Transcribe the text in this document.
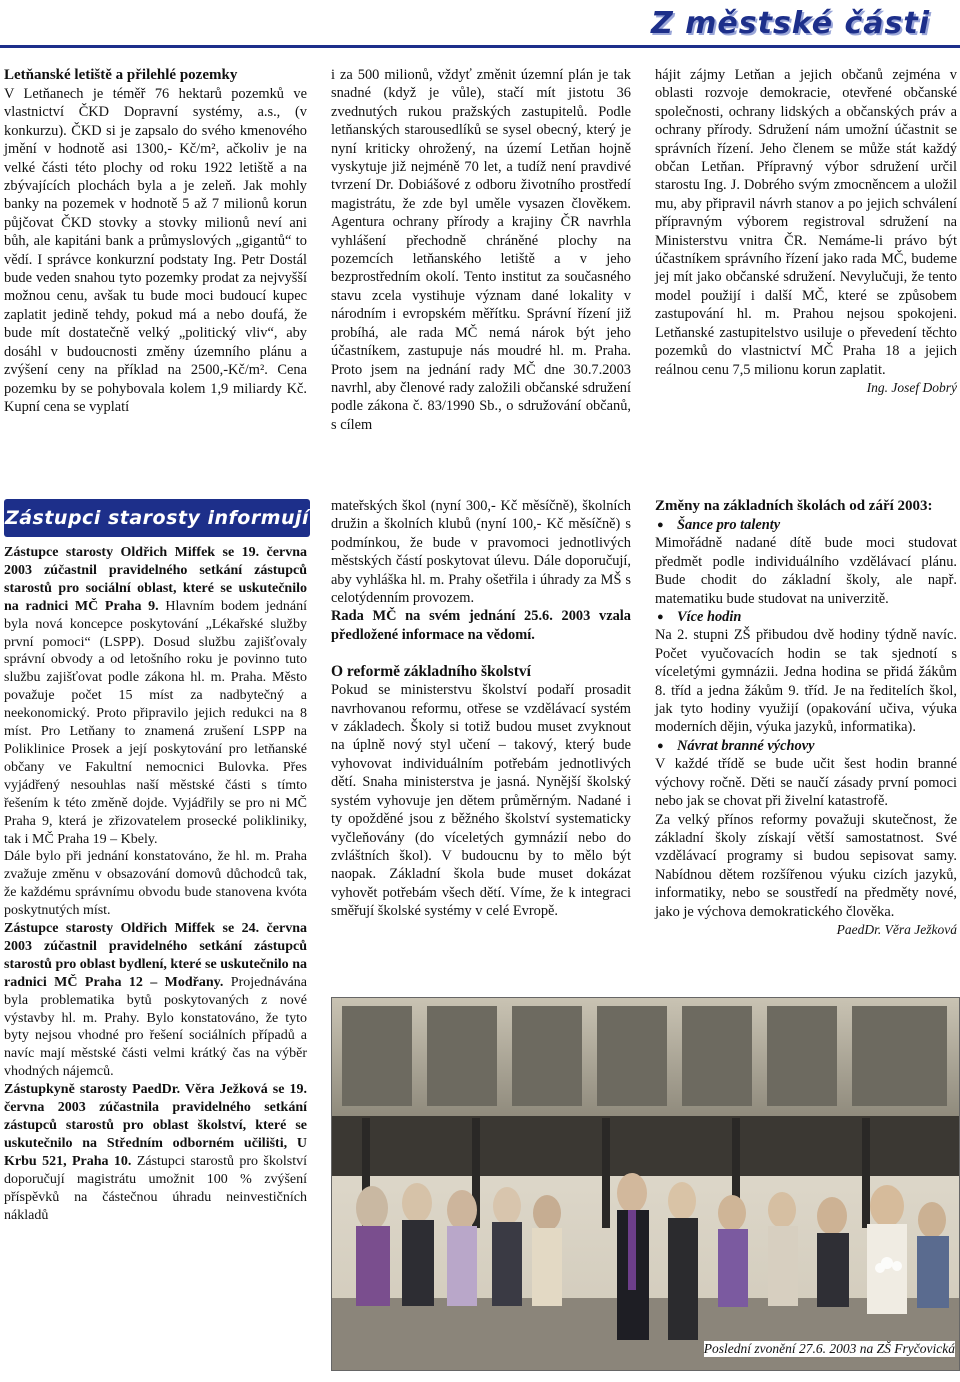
Z městské části

Letňanské letiště a přilehlé pozemky

V Letňanech je téměř 76 hektarů pozemků ve vlastnictví ČKD Dopravní systémy, a.s., (v konkurzu). ČKD si je zapsalo do svého kmenového jmění v hodnotě asi 1300,- Kč/m², ačkoliv je na velké části této plochy od roku 1922 letiště a na zbývajících plochách byla a je zeleň. Jak mohly banky na pozemek v hodnotě 5 až 7 milionů korun půjčovat ČKD stovky a stovky milionů neví ani bůh, ale kapitáni bank a průmyslových „gigantů“ to vědí. I správce konkurzní podstaty Ing. Petr Dostál bude veden snahou tyto pozemky prodat za nejvyšší možnou cenu, avšak tu bude moci budoucí kupec zaplatit jedině tehdy, pokud má a nebo doufá, že bude mít dostatečně velký „politický vliv“, aby dosáhl v budoucnosti změny územního plánu a zvýšení ceny na příklad na 2500,-Kč/m². Cena pozemku by se pohybovala kolem 1,9 miliardy Kč. Kupní cena se vyplatí

i za 500 milionů, vždyť změnit územní plán je tak snadné (když je vůle), stačí mít jistotu 36 zvednutých rukou pražských zastupitelů. Podle letňanských starousedlíků se sysel obecný, který je nyní kriticky ohrožený, na území Letňan hojně vyskytuje již nejméně 70 let, a tudíž není pravdivé tvrzení Dr. Dobiášové z odboru životního prostředí magistrátu, že zde byl uměle vysazen člověkem. Agentura ochrany přírody a krajiny ČR navrhla vyhlášení přechodně chráněné plochy na pozemcích letňanského letiště a v jeho bezprostředním okolí. Tento institut za současného stavu zcela vystihuje význam dané lokality v národním i evropském měřítku. Správní řízení již probíhá, ale rada MČ nemá nárok být jeho účastníkem, zastupuje nás moudré hl. m. Praha. Proto jsem na jednání rady MČ dne 30.7.2003 navrhl, aby členové rady založili občanské sdružení podle zákona č. 83/1990 Sb., o sdružování občanů, s cílem

hájit zájmy Letňan a jejich občanů zejména v oblasti rozvoje demokracie, otevřené občanské společnosti, ochrany lidských a občanských práv a ochrany přírody. Sdružení nám umožní účastnit se správních řízení. Jeho členem se může stát každý občan Letňan. Přípravný výbor sdružení určil starostu Ing. J. Dobrého svým zmocněncem a uložil mu, aby připravil návrh stanov a po jejich schválení přípravným výborem registroval sdružení na Ministerstvu vnitra ČR. Nemáme-li právo být účastníkem správního řízení jako rada MČ, budeme jej mít jako občanské sdružení. Nevylučuji, že tento model použijí i další MČ, které se způsobem zastupování hl. m. Prahou nejsou spokojeni. Letňanské zastupitelstvo usiluje o převedení těchto pozemků do vlastnictví MČ Praha 18 a jejich reálnou cenu 7,5 milionu korun zaplatit.

Ing. Josef Dobrý

Zástupci starosty informují

Zástupce starosty Oldřich Miffek se 19. června 2003 zúčastnil pravidelného setkání zástupců starostů pro sociální oblast, které se uskutečnilo na radnici MČ Praha 9. Hlavním bodem jednání byla nová koncepce poskytování „Lékařské služby první pomoci“ (LSPP). Dosud službu zajišťovaly správní obvody a od letošního roku je povinno tuto službu zajišťovat podle zákona hl. m. Praha. Město považuje počet 15 míst za nadbytečný a neekonomický. Proto připravilo jejich redukci na 8 míst. Pro Letňany to znamená zrušení LSPP na Poliklinice Prosek a její poskytování pro letňanské občany ve Fakultní nemocnici Bulovka. Přes vyjádřený nesouhlas naší městské části s tímto řešením k této změně dojde. Vyjádřily se pro ni MČ Praha 9, která je zřizovatelem prosecké polikliniky, tak i MČ Praha 19 – Kbely.

Dále bylo při jednání konstatováno, že hl. m. Praha zvažuje změnu v obsazování domovů důchodců tak, že každému správnímu obvodu bude stanovena kvóta poskytnutých míst.

Zástupce starosty Oldřich Miffek se 24. června 2003 zúčastnil pravidelného setkání zástupců starostů pro oblast bydlení, které se uskutečnilo na radnici MČ Praha 12 – Modřany. Projednávána byla problematika bytů poskytovaných z nové výstavby hl. m. Prahy. Bylo konstatováno, že tyto byty nejsou vhodné pro řešení sociálních případů a navíc mají městské části velmi krátký čas na výběr vhodných nájemců.

Zástupkyně starosty PaedDr. Věra Ježková se 19. června 2003 zúčastnila pravidelného setkání zástupců starostů pro oblast školství, které se uskutečnilo na Středním odborném učilišti, U Krbu 521, Praha 10. Zástupci starostů pro školství doporučují magistrátu umožnit 100 % zvýšení příspěvků na částečnou úhradu neinvestičních nákladů

mateřských škol (nyní 300,- Kč měsíčně), školních družin a školních klubů (nyní 100,- Kč měsíčně) s podmínkou, že bude v pravomoci jednotlivých městských částí poskytovat úlevu. Dále doporučují, aby vyhláška hl. m. Prahy ošetřila i úhrady za MŠ s celotýdenním provozem.

Rada MČ na svém jednání 25.6. 2003 vzala předložené informace na vědomí.

O reformě základního školství

Pokud se ministerstvu školství podaří prosadit navrhovanou reformu, otřese se vzdělávací systém v základech. Školy si totiž budou muset zvyknout na úplně nový styl učení – takový, který bude vyhovovat individuálním potřebám jednotlivých dětí. Snaha ministerstva je jasná. Nynější školský systém vyhovuje jen dětem průměrným. Nadané i ty opožděné jsou z běžného školství systematicky vyčleňovány (do víceletých gymnázií nebo do zvláštních škol). V budoucnu by to mělo být naopak. Základní škola bude muset dokázat vyhovět potřebám všech dětí. Víme, že k integraci směřují školské systémy v celé Evropě.

Změny na základních školách od září 2003:

● Šance pro talenty

Mimořádně nadané dítě bude moci studovat předmět podle individuálního vzdělávací plánu. Bude chodit do základní školy, ale např. matematiku bude studovat na univerzitě.

● Více hodin

Na 2. stupni ZŠ přibudou dvě hodiny týdně navíc. Počet vyučovacích hodin se tak sjednotí s víceletými gymnázii. Jedna hodina se přidá žákům 8. tříd a jedna žákům 9. tříd. Je na ředitelích škol, jak tyto hodiny využijí (opakování učiva, výuka moderních dějin, výuka jazyků, informatika).

● Návrat branné výchovy

V každé třídě se bude učit šest hodin branné výchovy ročně. Děti se naučí zásady první pomoci nebo jak se chovat při živelní katastrofě.

Za velký přínos reformy považuji skutečnost, že základní školy získají větší samostatnost. Své vzdělávací programy si budou sepisovat samy. Nabídnou dětem rozšířenou výuku cizích jazyků, informatiky, nebo se soustředí na předměty nové, jako je výchova demokratického člověka.

PaedDr. Věra Ježková

Poslední zvonění 27.6. 2003 na ZŠ Fryčovická
